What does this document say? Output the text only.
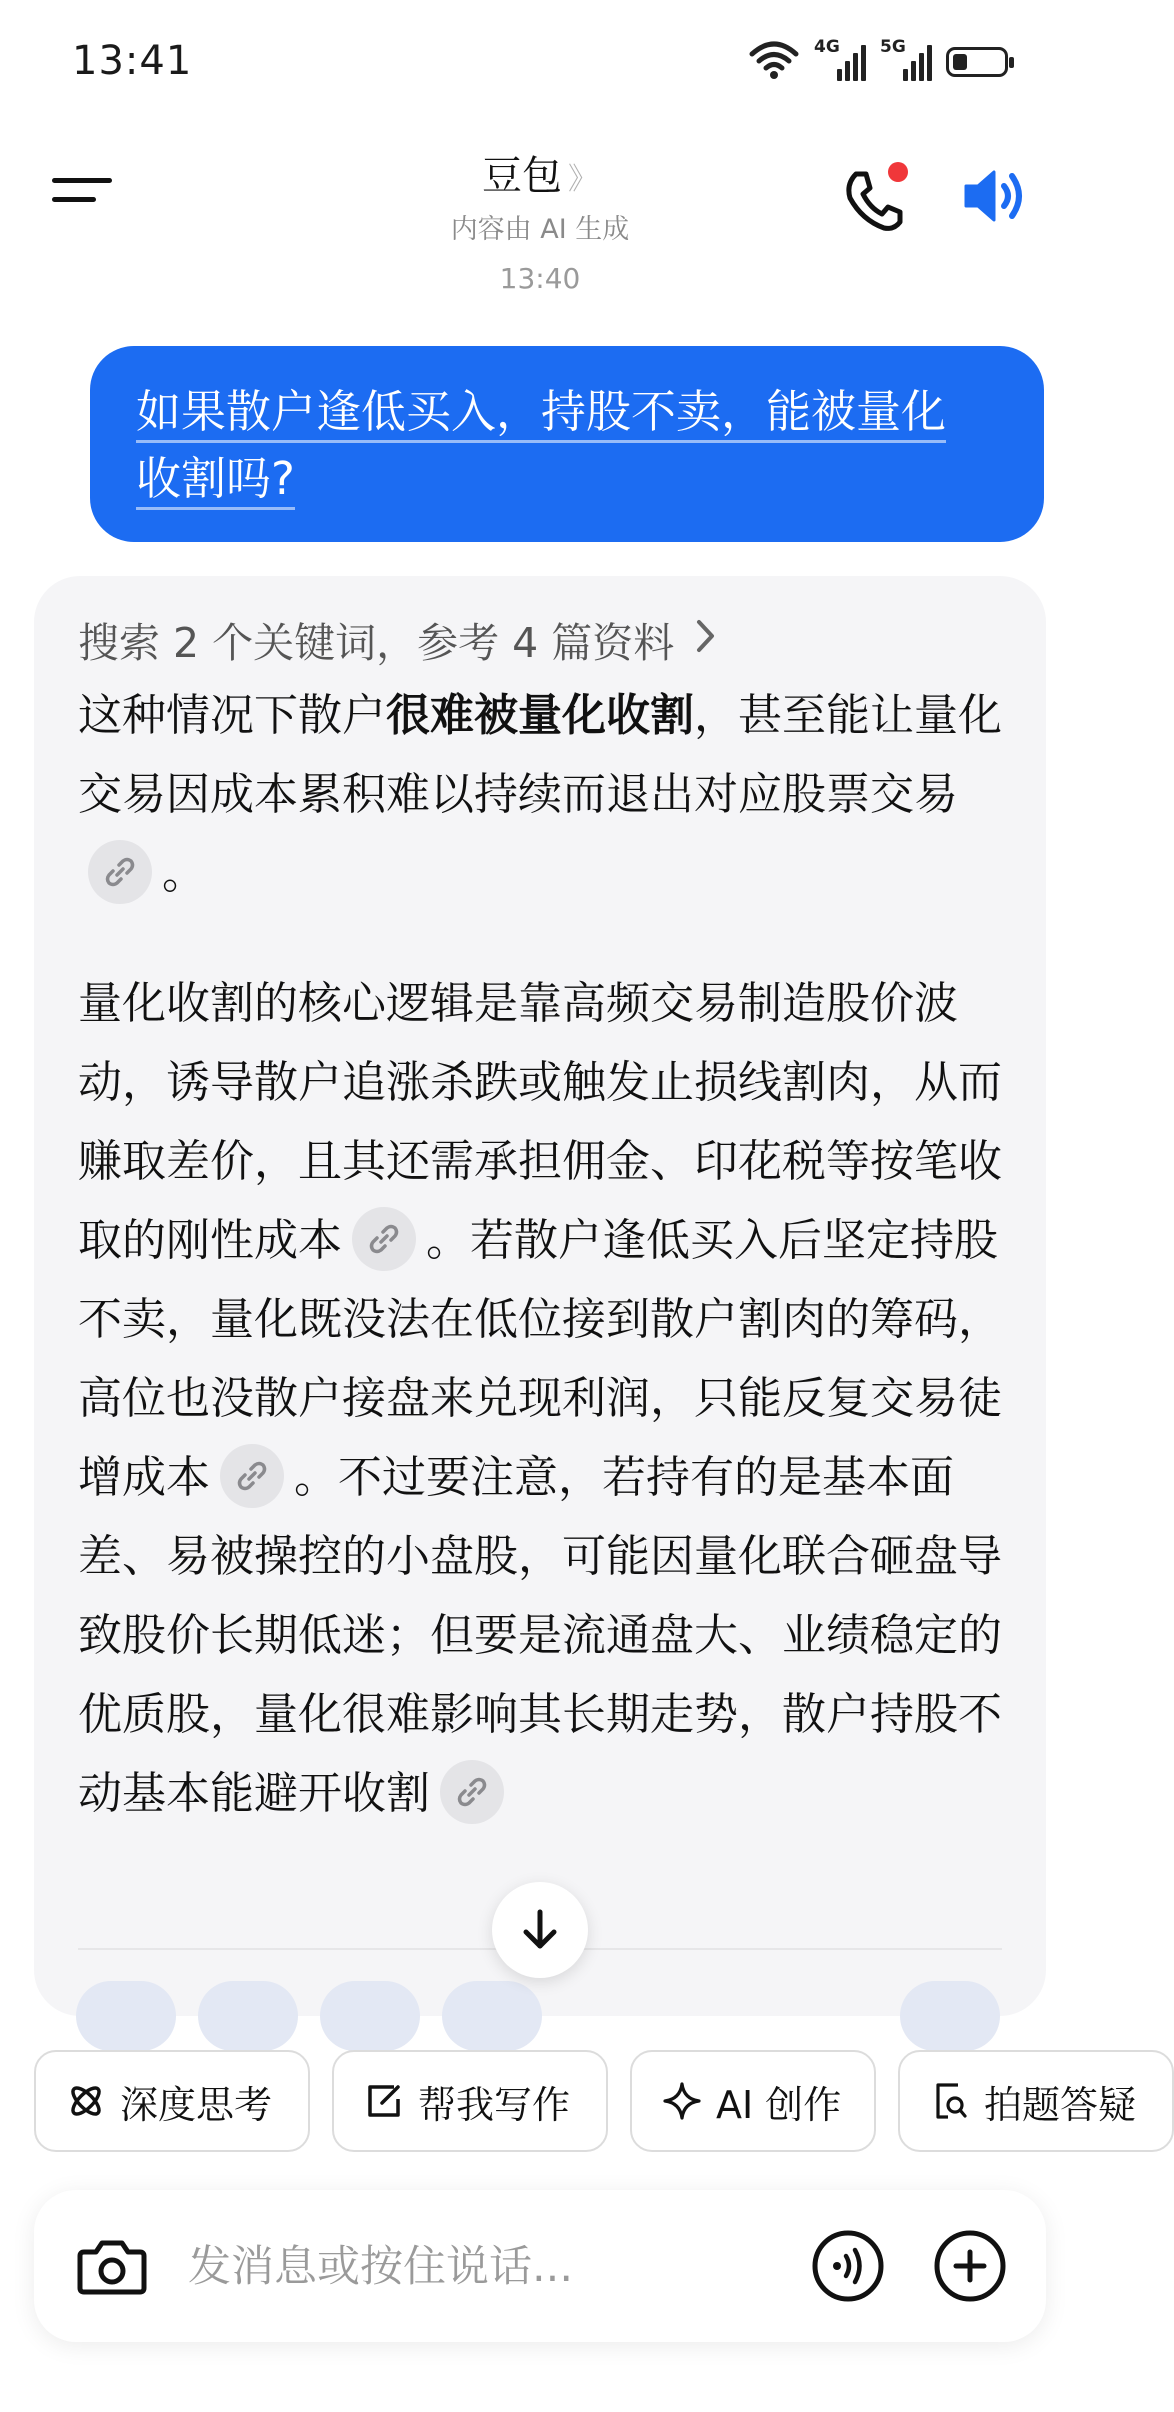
13:41	4G 5G
豆包 》
内容由 AI 生成
13:40

如果散户逢低买入，持股不卖，能被量化
收割吗?

搜索 2 个关键词，参考 4 篇资料

这种情况下散户很难被量化收割，甚至能让量化交易因成本累积难以持续而退出对应股票交易
。

量化收割的核心逻辑是靠高频交易制造股价波动，诱导散户追涨杀跌或触发止损线割肉，从而赚取差价，且其还需承担佣金、印花税等按笔收取的刚性成本 。若散户逢低买入后坚定持股不卖，量化既没法在低位接到散户割肉的筹码，高位也没散户接盘来兑现利润，只能反复交易徒增成本 。不过要注意，若持有的是基本面差、易被操控的小盘股，可能因量化联合砸盘导致股价长期低迷；但要是流通盘大、业绩稳定的优质股，量化很难影响其长期走势，散户持股不动基本能避开收割

深度思考	帮我写作	AI 创作	拍题答疑
发消息或按住说话...
